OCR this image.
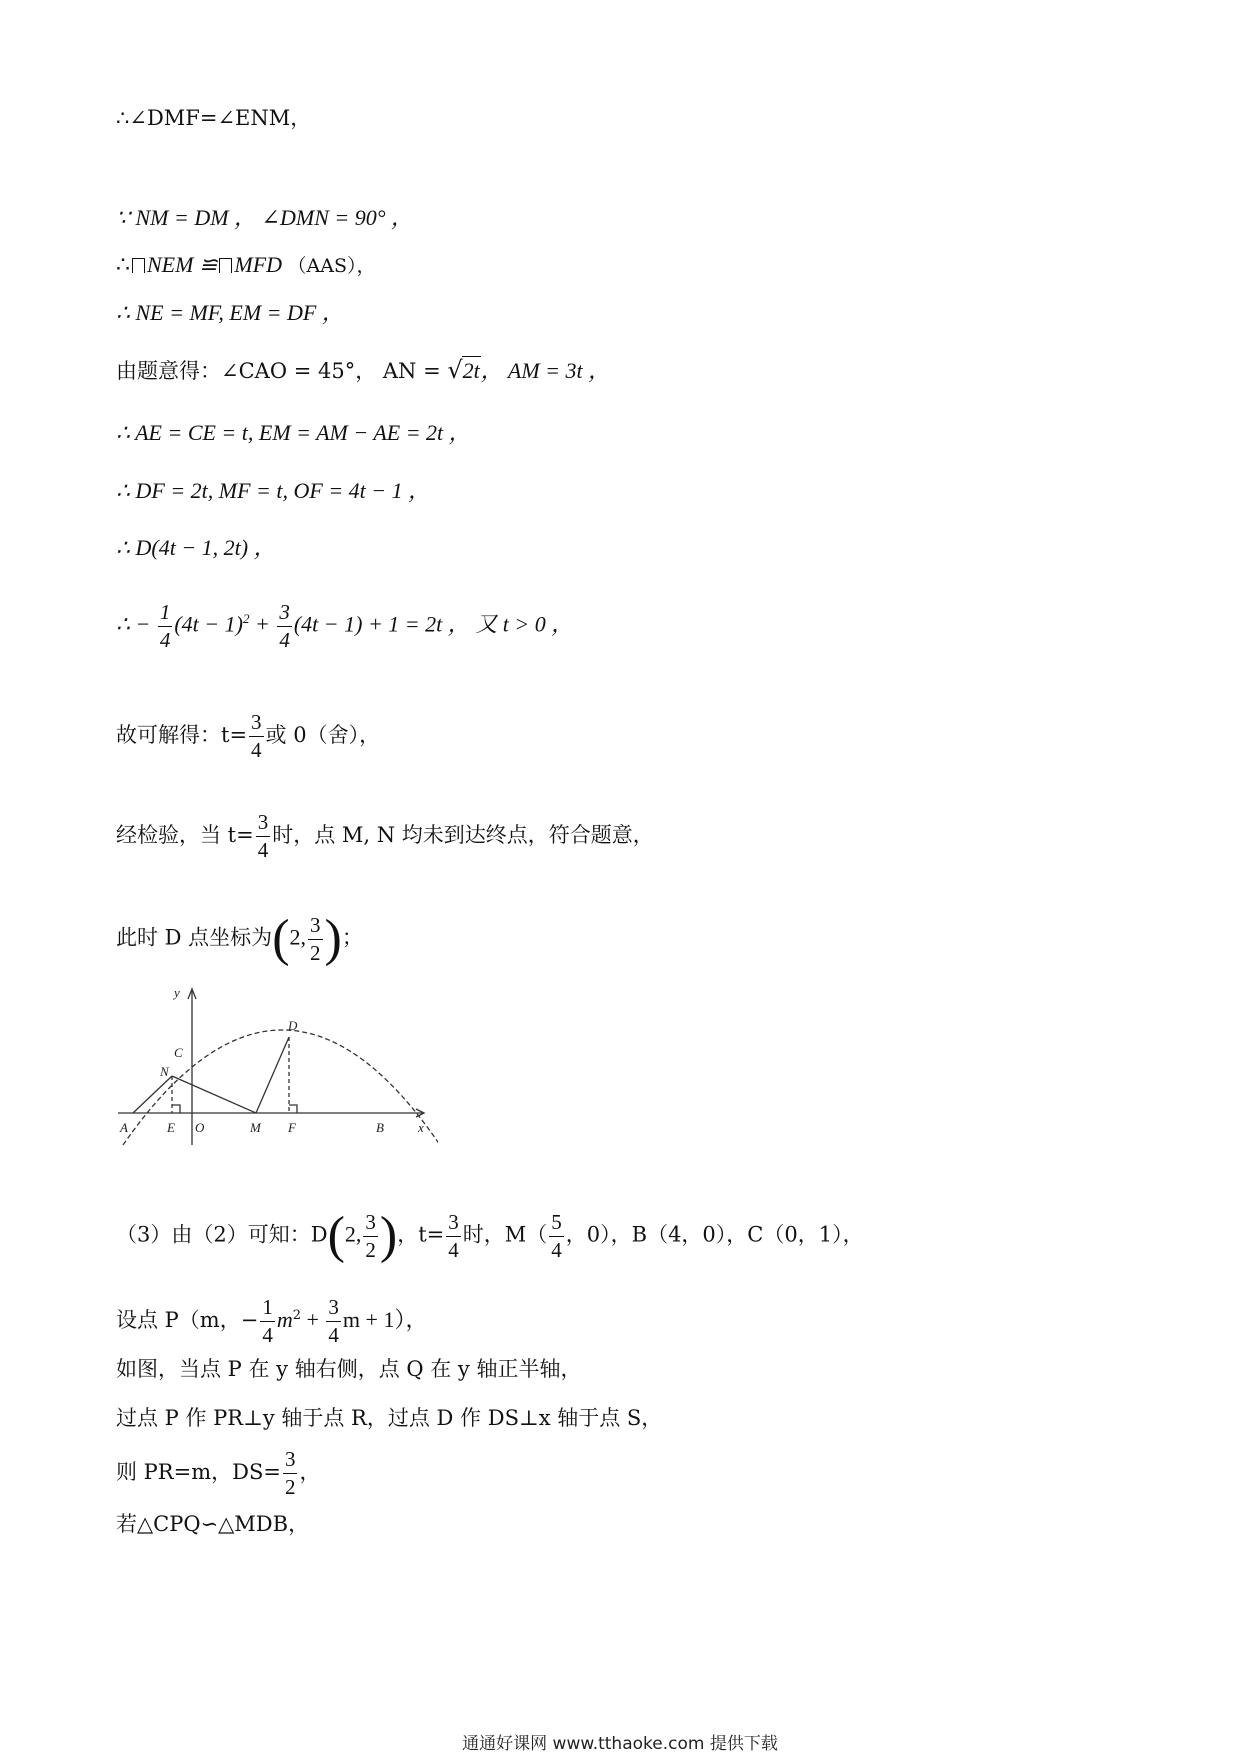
∴∠DMF=∠ENM，
∵ NM = DM ， ∠DMN = 90° ，
∴ NEM ≌ MFD （AAS），
∴ NE = MF, EM = DF ，
由题意得：∠CAO = 45°， AN = √2t， AM = 3t ，
∴ AE = CE = t, EM = AM − AE = 2t ，
∴ DF = 2t, MF = t, OF = 4t − 1 ，
∴ D(4t − 1, 2t) ，
∴ − $\frac{1}{4} (4t - 1)^2 + \frac{3}{4} (4t - 1) + 1 = 2t$ ， 又 t > 0 ，
故可解得：$t= \frac{3}{4}$ 或 0（舍），
经检验，当 $t= \frac{3}{4}$ 时，点 M, N 均未到达终点，符合题意，
此时 D 点坐标为(2, $\frac{3}{2}$ )；
y
C
N
D
A	E O	M F	B	x
（3）由（2）可知：D(2, $\frac{3}{2}$ )，$t= \frac{3}{4}$ 时，$M( \frac{5}{4}$ ，0），B（4，0），C（0，1），
设点 P（m，− $\frac{1}{4} m^2 + \frac{3}{4}$ m + 1），
如图，当点 P 在 y 轴右侧，点 Q 在 y 轴正半轴，
过点 P 作 PR⊥y 轴于点 R，过点 D 作 DS⊥x 轴于点 S，
则 PR=m，$DS= \frac{3}{2}$ ，
若△CPQ∽△MDB，
通通好课网 www.tthaoke.com 提供下载
